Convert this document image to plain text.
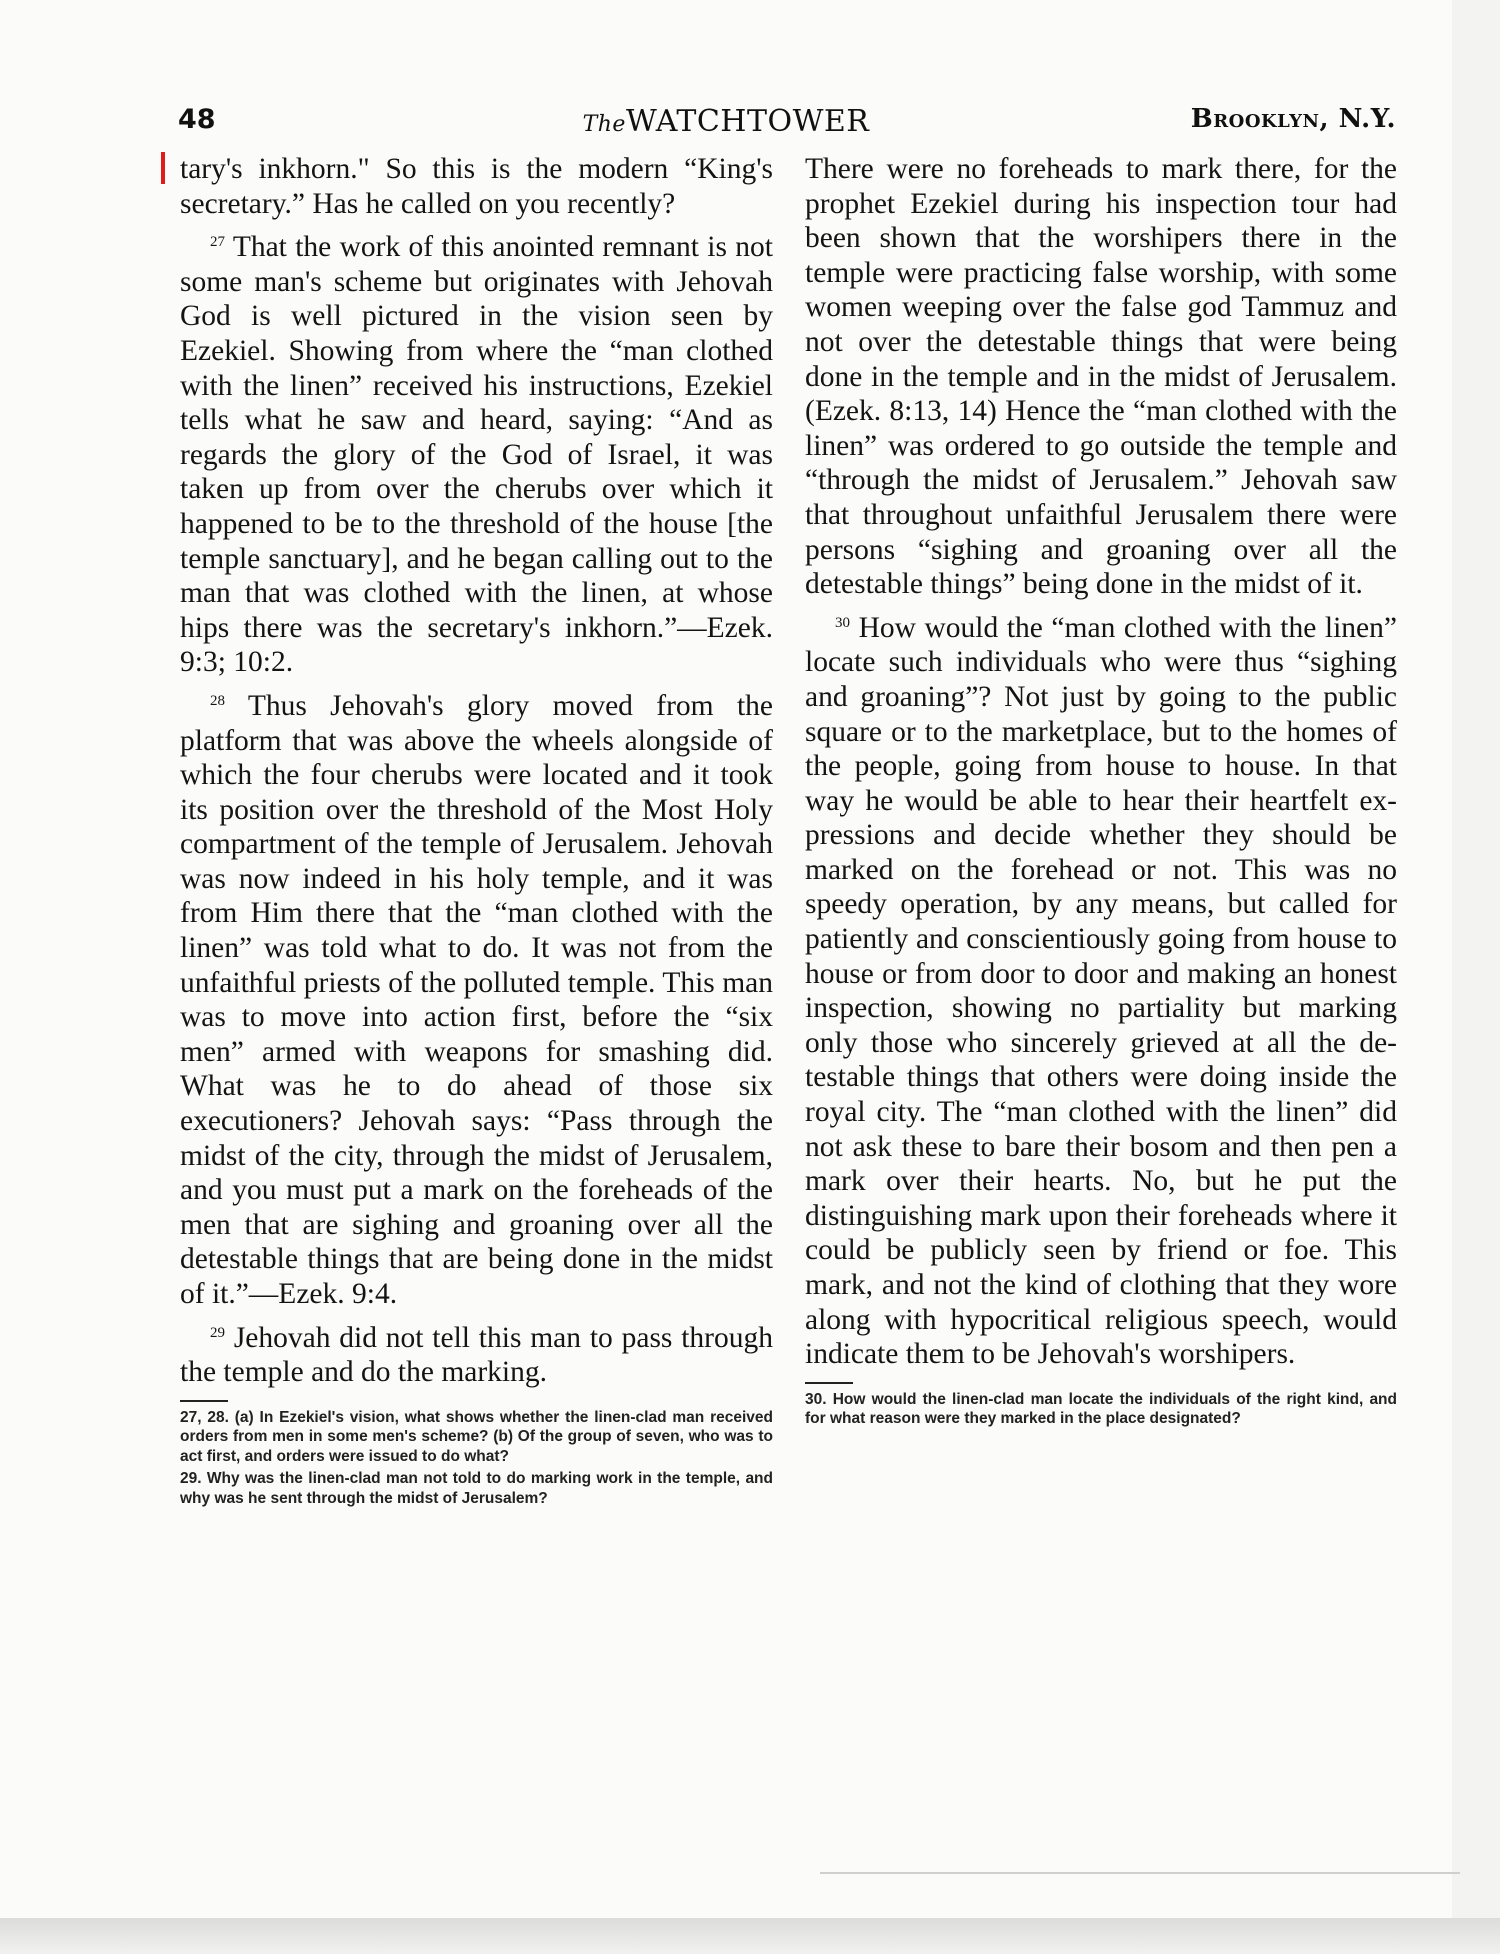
48	TheWATCHTOWER	Brooklyn, N.Y.

tary's inkhorn." So this is the modern “King's secretary.” Has he called on you recently?

$^{27}$ That the work of this anointed remnant is not some man's scheme but originates with Jehovah God is well pictured in the vision seen by Ezekiel. Showing from where the “man clothed with the linen” received his instructions, Ezekiel tells what he saw and heard, saying: “And as regards the glory of the God of Israel, it was taken up from over the cherubs over which it happened to be to the threshold of the house [the temple sanctuary], and he began calling out to the man that was clothed with the linen, at whose hips there was the secretary's inkhorn.”—Ezek. 9:3; 10:2.

$^{28}$ Thus Jehovah's glory moved from the platform that was above the wheels alongside of which the four cherubs were located and it took its position over the threshold of the Most Holy compartment of the temple of Jerusalem. Jehovah was now indeed in his holy temple, and it was from Him there that the “man clothed with the linen” was told what to do. It was not from the unfaithful priests of the polluted temple. This man was to move into action first, before the “six men” armed with weapons for smashing did. What was he to do ahead of those six executioners? Jehovah says: “Pass through the midst of the city, through the midst of Jerusalem, and you must put a mark on the foreheads of the men that are sighing and groaning over all the detestable things that are being done in the midst of it.”—Ezek. 9:4.

$^{29}$ Jehovah did not tell this man to pass through the temple and do the marking.

27, 28. (a) In Ezekiel's vision, what shows whether the linen-clad man received orders from men in some men's scheme? (b) Of the group of seven, who was to act first, and orders were issued to do what?
29. Why was the linen-clad man not told to do marking work in the temple, and why was he sent through the midst of Jerusalem?

There were no foreheads to mark there, for the prophet Ezekiel during his inspection tour had been shown that the worshipers there in the temple were practicing false worship, with some women weeping over the false god Tammuz and not over the detestable things that were being done in the temple and in the midst of Jerusalem. (Ezek. 8:13, 14) Hence the “man clothed with the linen” was ordered to go outside the temple and “through the midst of Jerusalem.” Jehovah saw that throughout unfaithful Jerusalem there were persons “sighing and groaning over all the detestable things” being done in the midst of it.

$^{30}$ How would the “man clothed with the linen” locate such individuals who were thus “sighing and groaning”? Not just by going to the public square or to the marketplace, but to the homes of the people, going from house to house. In that way he would be able to hear their heartfelt expressions and decide whether they should be marked on the forehead or not. This was no speedy operation, by any means, but called for patiently and conscientiously going from house to house or from door to door and making an honest inspection, showing no partiality but marking only those who sincerely grieved at all the detestable things that others were doing inside the royal city. The “man clothed with the linen” did not ask these to bare their bosom and then pen a mark over their hearts. No, but he put the distinguishing mark upon their foreheads where it could be publicly seen by friend or foe. This mark, and not the kind of clothing that they wore along with hypocritical religious speech, would indicate them to be Jehovah's worshipers.

30. How would the linen-clad man locate the individuals of the right kind, and for what reason were they marked in the place designated?
